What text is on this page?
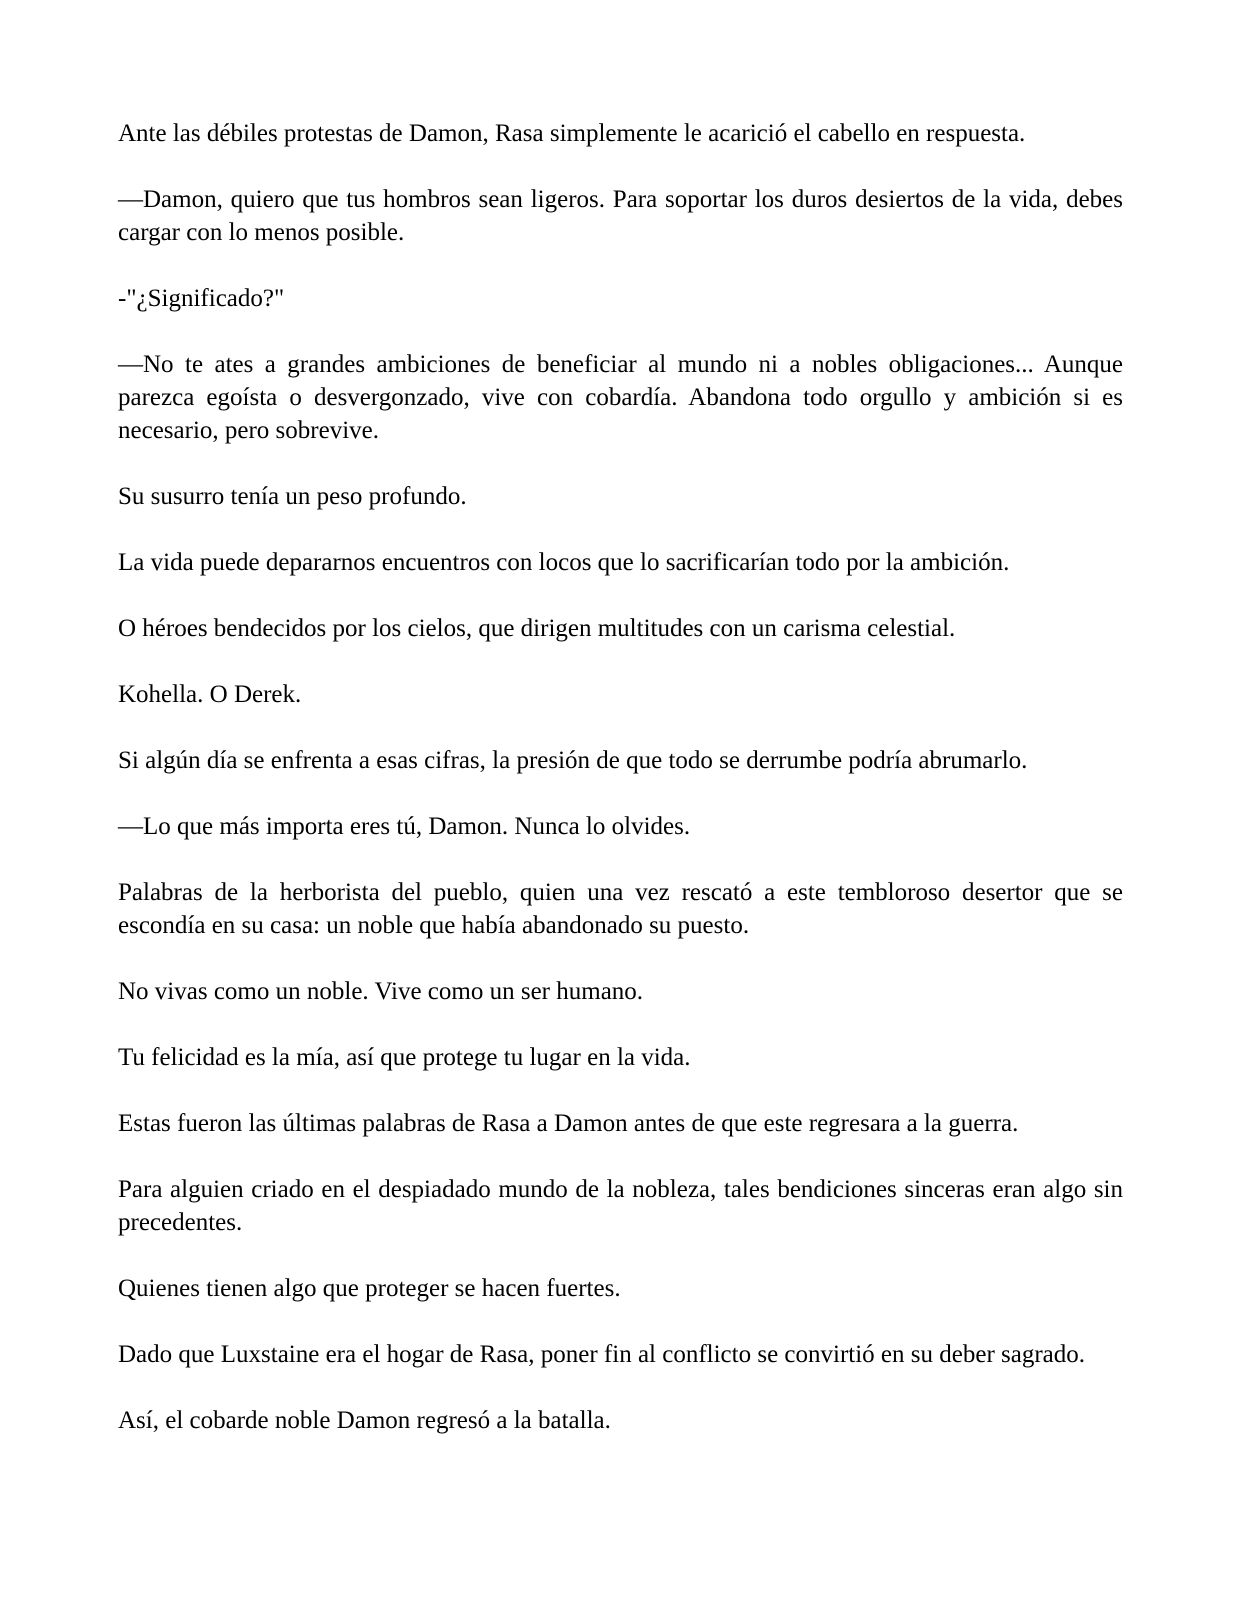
Ante las débiles protestas de Damon, Rasa simplemente le acarició el cabello en respuesta.

—Damon, quiero que tus hombros sean ligeros. Para soportar los duros desiertos de la vida, debes cargar con lo menos posible.

-"¿Significado?"

—No te ates a grandes ambiciones de beneficiar al mundo ni a nobles obligaciones... Aunque parezca egoísta o desvergonzado, vive con cobardía. Abandona todo orgullo y ambición si es necesario, pero sobrevive.

Su susurro tenía un peso profundo.

La vida puede depararnos encuentros con locos que lo sacrificarían todo por la ambición.

O héroes bendecidos por los cielos, que dirigen multitudes con un carisma celestial.

Kohella. O Derek.

Si algún día se enfrenta a esas cifras, la presión de que todo se derrumbe podría abrumarlo.

—Lo que más importa eres tú, Damon. Nunca lo olvides.

Palabras de la herborista del pueblo, quien una vez rescató a este tembloroso desertor que se escondía en su casa: un noble que había abandonado su puesto.

No vivas como un noble. Vive como un ser humano.

Tu felicidad es la mía, así que protege tu lugar en la vida.

Estas fueron las últimas palabras de Rasa a Damon antes de que este regresara a la guerra.

Para alguien criado en el despiadado mundo de la nobleza, tales bendiciones sinceras eran algo sin precedentes.

Quienes tienen algo que proteger se hacen fuertes.

Dado que Luxstaine era el hogar de Rasa, poner fin al conflicto se convirtió en su deber sagrado.

Así, el cobarde noble Damon regresó a la batalla.
